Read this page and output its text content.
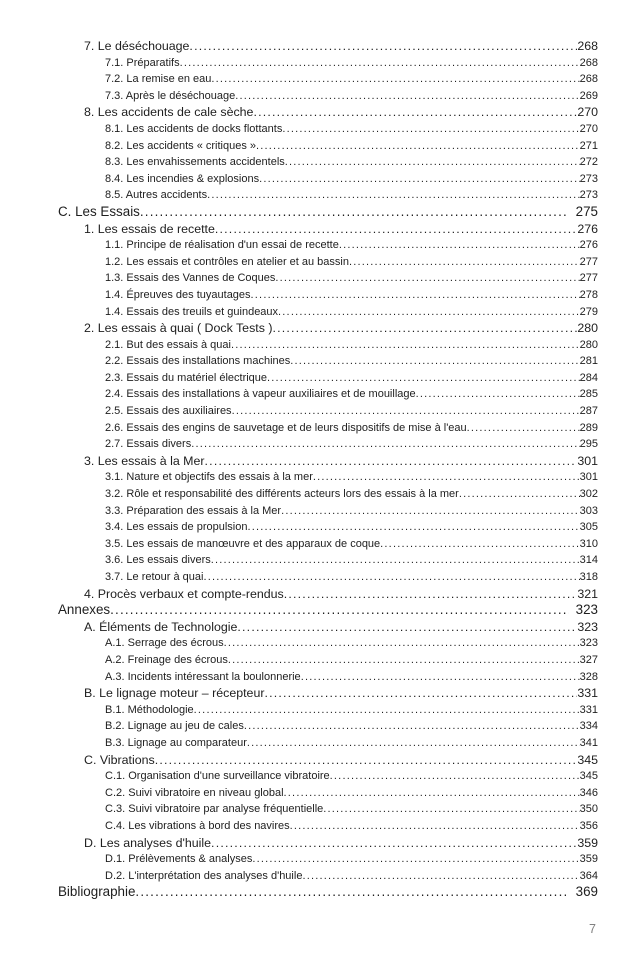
7. Le déséchouage .....	268
7.1. Préparatifs .....	268
7.2. La remise en eau .....	268
7.3. Après le déséchouage .....	269
8. Les accidents de cale sèche .....	270
8.1. Les accidents de docks flottants .....	270
8.2. Les accidents « critiques » .....	271
8.3. Les envahissements accidentels .....	272
8.4. Les incendies & explosions .....	273
8.5. Autres accidents .....	273
C. Les Essais .....	275
1. Les essais de recette .....	276
1.1. Principe de réalisation d'un essai de recette .....	276
1.2. Les essais et contrôles en atelier et au bassin .....	277
1.3. Essais des Vannes de Coques .....	277
1.4. Épreuves des tuyautages .....	278
1.4. Essais des treuils et guindeaux .....	279
2. Les essais à quai ( Dock Tests ) .....	280
2.1. But des essais à quai .....	280
2.2. Essais des installations machines .....	281
2.3. Essais du matériel électrique .....	284
2.4. Essais des installations à vapeur auxiliaires et de mouillage .....	285
2.5. Essais des auxiliaires .....	287
2.6. Essais des engins de sauvetage et de leurs dispositifs de mise à l'eau .....	289
2.7. Essais divers .....	295
3. Les essais à la Mer .....	301
3.1. Nature et objectifs des essais à la mer .....	301
3.2. Rôle et responsabilité des différents acteurs lors des essais à la mer .....	302
3.3. Préparation des essais à la Mer .....	303
3.4. Les essais de propulsion .....	305
3.5. Les essais de manœuvre et des apparaux de coque .....	310
3.6. Les essais divers .....	314
3.7. Le retour à quai .....	318
4. Procès verbaux et compte-rendus .....	321
Annexes .....	323
A. Éléments de Technologie .....	323
A.1. Serrage des écrous .....	323
A.2. Freinage des écrous .....	327
A.3. Incidents intéressant la boulonnerie .....	328
B. Le lignage moteur – récepteur .....	331
B.1. Méthodologie .....	331
B.2. Lignage au jeu de cales .....	334
B.3. Lignage au comparateur .....	341
C. Vibrations .....	345
C.1. Organisation d'une surveillance vibratoire .....	345
C.2. Suivi vibratoire en niveau global .....	346
C.3. Suivi vibratoire par analyse fréquentielle .....	350
C.4. Les vibrations à bord des navires .....	356
D. Les analyses d'huile .....	359
D.1. Prélèvements & analyses .....	359
D.2. L'interprétation des analyses d'huile .....	364
Bibliographie .....	369
7
